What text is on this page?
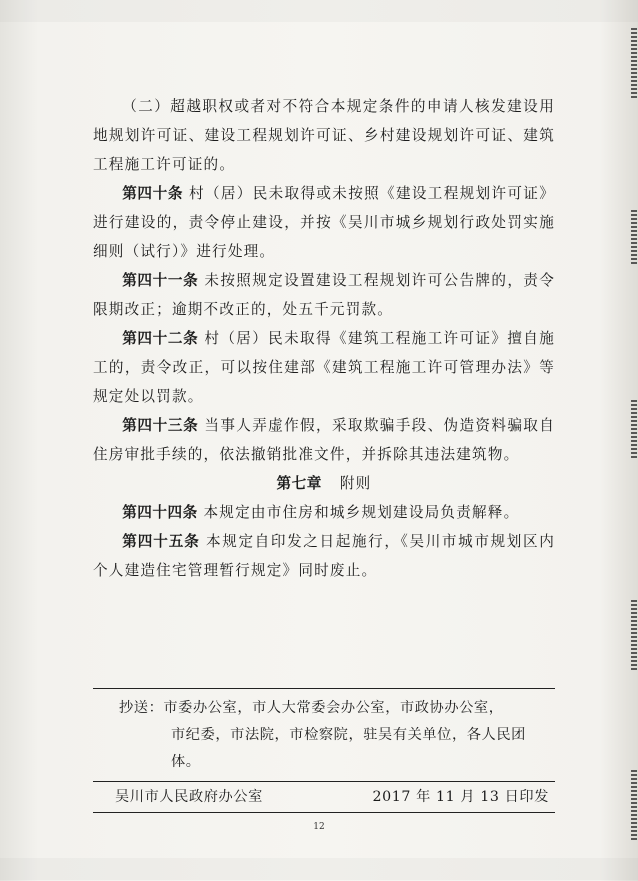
（二）超越职权或者对不符合本规定条件的申请人核发建设用地规划许可证、建设工程规划许可证、乡村建设规划许可证、建筑工程施工许可证的。

第四十条 村（居）民未取得或未按照《建设工程规划许可证》进行建设的，责令停止建设，并按《吴川市城乡规划行政处罚实施细则（试行）》进行处理。

第四十一条 未按照规定设置建设工程规划许可公告牌的，责令限期改正；逾期不改正的，处五千元罚款。

第四十二条 村（居）民未取得《建筑工程施工许可证》擅自施工的，责令改正，可以按住建部《建筑工程施工许可管理办法》等规定处以罚款。

第四十三条 当事人弄虚作假，采取欺骗手段、伪造资料骗取自住房审批手续的，依法撤销批准文件，并拆除其违法建筑物。

第七章 附则

第四十四条 本规定由市住房和城乡规划建设局负责解释。

第四十五条 本规定自印发之日起施行，《吴川市城市规划区内个人建造住宅管理暂行规定》同时废止。

抄送：市委办公室，市人大常委会办公室，市政协办公室，
市纪委，市法院，市检察院，驻吴有关单位，各人民团体。
吴川市人民政府办公室	2017 年 11 月 13 日印发
12
